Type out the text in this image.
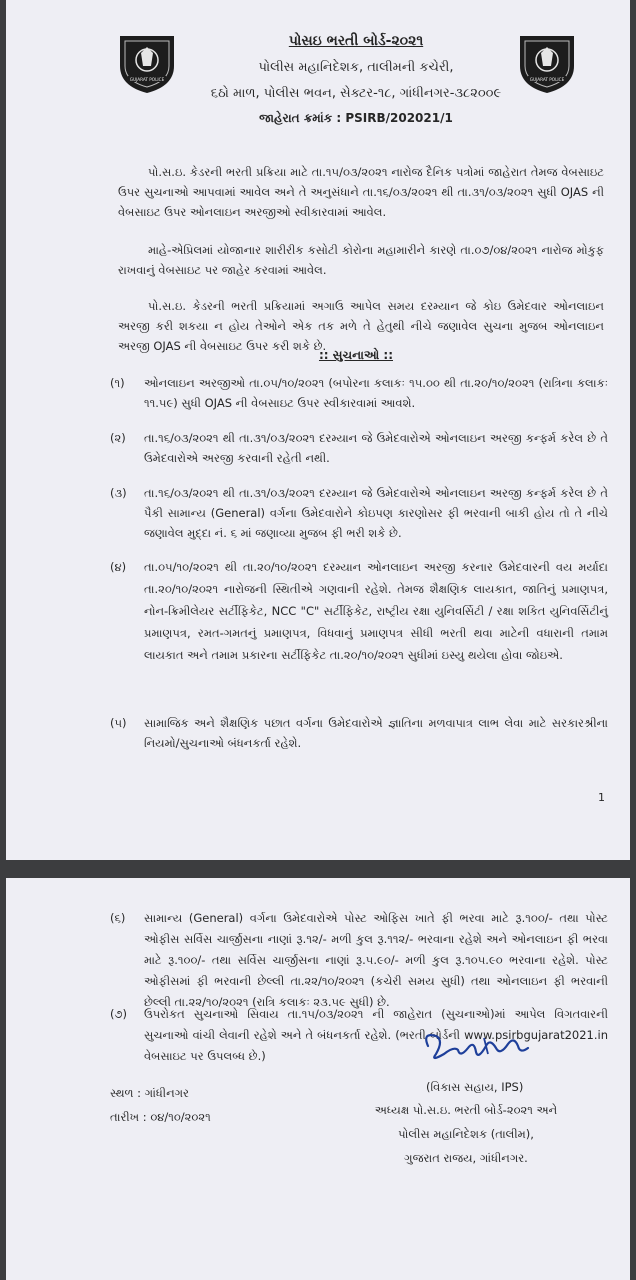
GUJARAT POLICE	GUJARAT POLICE
પોસઇ ભરતી બોર્ડ-૨૦૨૧
પોલીસ મહાનિદેશક, તાલીમની કચેરી,
૬ઠો માળ, પોલીસ ભવન, સેક્ટર-૧૮, ગાંધીનગર-૩૮૨૦૦૯
જાહેરાત ક્રમાંક : PSIRB/202021/1
પો.સ.ઇ. કેડરની ભરતી પ્રક્રિયા માટે તા.૧૫/૦૩/૨૦૨૧ નારોજ દૈનિક પત્રોમાં જાહેરાત તેમજ વેબસાઇટ ઉપર સુચનાઓ આપવામાં આવેલ અને તે અનુસંધાને તા.૧૬/૦૩/૨૦૨૧ થી તા.૩૧/૦૩/૨૦૨૧ સુધી OJAS ની વેબસાઇટ ઉપર ઓનલાઇન અરજીઓ સ્વીકારવામાં આવેલ.
માહે-એપ્રિલમાં યોજાનાર શારીરીક કસોટી કોરોના મહામારીને કારણે તા.૦૭/૦૪/૨૦૨૧ નારોજ મોકુફ રાખવાનું વેબસાઇટ પર જાહેર કરવામાં આવેલ.
પો.સ.ઇ. કેડરની ભરતી પ્રક્રિયામાં અગાઉ આપેલ સમય દરમ્યાન જે કોઇ ઉમેદવાર ઓનલાઇન અરજી કરી શકયા ન હોય તેઓને એક તક મળે તે હેતુથી નીચે જણાવેલ સુચના મુજબ ઓનલાઇન અરજી OJAS ની વેબસાઇટ ઉપર કરી શકે છે.
:: સુચનાઓ ::
(૧)	ઓનલાઇન અરજીઓ તા.૦૫/૧૦/૨૦૨૧ (બપોરના કલાકઃ ૧૫.૦૦ થી તા.૨૦/૧૦/૨૦૨૧ (રાત્રિના કલાકઃ ૧૧.૫૯) સુધી OJAS ની વેબસાઇટ ઉપર સ્વીકારવામાં આવશે.
(૨)	તા.૧૬/૦૩/૨૦૨૧ થી તા.૩૧/૦૩/૨૦૨૧ દરમ્યાન જે ઉમેદવારોએ ઓનલાઇન અરજી કન્ફર્મ કરેલ છે તે ઉમેદવારોએ અરજી કરવાની રહેતી નથી.
(૩)	તા.૧૬/૦૩/૨૦૨૧ થી તા.૩૧/૦૩/૨૦૨૧ દરમ્યાન જે ઉમેદવારોએ ઓનલાઇન અરજી કન્ફર્મ કરેલ છે તે પૈકી સામાન્ય (General) વર્ગના ઉમેદવારોને કોઇપણ કારણોસર ફી ભરવાની બાકી હોય તો તે નીચે જણાવેલ મુદ્દા નં. ૬ માં જણાવ્યા મુજબ ફી ભરી શકે છે.
(૪)	તા.૦૫/૧૦/૨૦૨૧ થી તા.૨૦/૧૦/૨૦૨૧ દરમ્યાન ઓનલાઇન અરજી કરનાર ઉમેદવારની વય મર્યાદા તા.૨૦/૧૦/૨૦૨૧ નારોજની સ્થિતીએ ગણવાની રહેશે. તેમજ શૈક્ષણિક લાયકાત, જાતિનું પ્રમાણપત્ર, નોન-ક્રિમીલેયર સર્ટીફિકેટ, NCC "C" સર્ટીફિકેટ, રાષ્ટ્રીય રક્ષા યુનિવર્સિટી / રક્ષા શકિત યુનિવર્સિટીનું પ્રમાણપત્ર, રમત-ગમતનું પ્રમાણપત્ર, વિધવાનું પ્રમાણપત્ર સીધી ભરતી થવા માટેની વધારાની તમામ લાયકાત અને તમામ પ્રકારના સર્ટીફિકેટ તા.૨૦/૧૦/૨૦૨૧ સુધીમાં ઇસ્યુ થયેલા હોવા જોઇએ.
(૫)	સામાજિક અને શૈક્ષણિક પછાત વર્ગના ઉમેદવારોએ જ્ઞાતિના મળવાપાત્ર લાભ લેવા માટે સરકારશ્રીના નિયમો/સુચનાઓ બંધનકર્તા રહેશે.
1
(૬)	સામાન્ય (General) વર્ગના ઉમેદવારોએ પોસ્ટ ઓફિસ ખાતે ફી ભરવા માટે રૂ.૧૦૦/- તથા પોસ્ટ ઓફીસ સર્વિસ ચાર્જીસના નાણાં રૂ.૧૨/- મળી કુલ રૂ.૧૧૨/- ભરવાના રહેશે અને ઓનલાઇન ફી ભરવા માટે રૂ.૧૦૦/- તથા સર્વિસ ચાર્જીસના નાણાં રૂ.૫.૯૦/- મળી કુલ રૂ.૧૦૫.૯૦ ભરવાના રહેશે. પોસ્ટ ઓફીસમાં ફી ભરવાની છેલ્લી તા.૨૨/૧૦/૨૦૨૧ (કચેરી સમય સુધી) તથા ઓનલાઇન ફી ભરવાની છેલ્લી તા.૨૨/૧૦/૨૦૨૧ (રાત્રિ કલાકઃ ૨૩.૫૯ સુધી) છે.
(૭)	ઉપરોકત સુચનાઓ સિવાય તા.૧૫/૦૩/૨૦૨૧ ની જાહેરાત (સુચનાઓ)માં આપેલ વિગતવારની સુચનાઓ વાંચી લેવાની રહેશે અને તે બંધનકર્તા રહેશે. (ભરતી બોર્ડની www.psirbgujarat2021.in વેબસાઇટ પર ઉપલબ્ધ છે.)
સ્થળ : ગાંધીનગર
તારીખ : ૦૪/૧૦/૨૦૨૧
(વિકાસ સહાય, IPS)
અધ્યક્ષ પો.સ.ઇ. ભરતી બોર્ડ-૨૦૨૧ અને
પોલીસ મહાનિદેશક (તાલીમ),
ગુજરાત રાજય, ગાંધીનગર.
